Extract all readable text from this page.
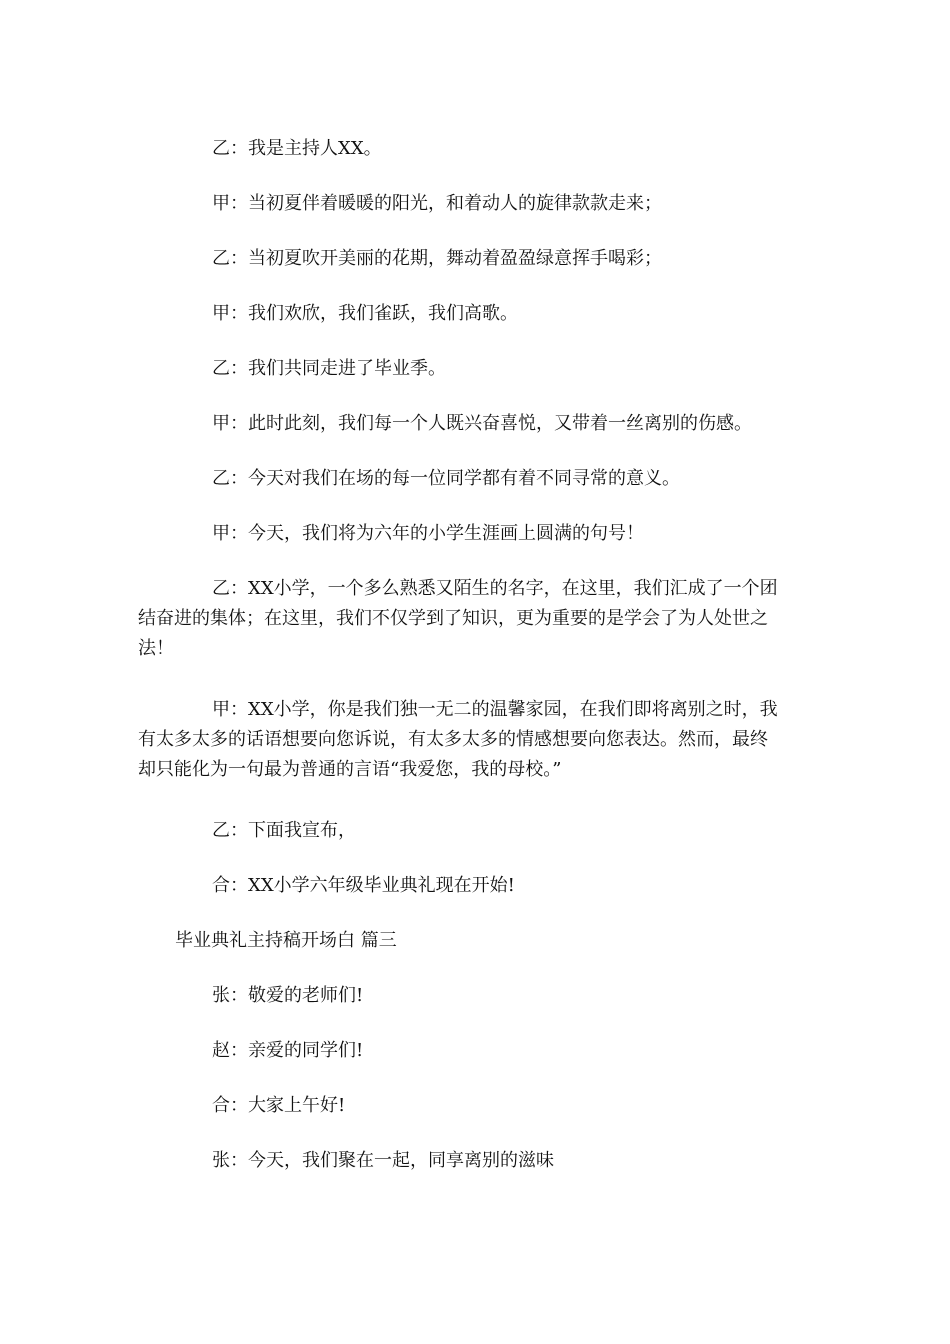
乙：我是主持人XX。

甲：当初夏伴着暖暖的阳光，和着动人的旋律款款走来；

乙：当初夏吹开美丽的花期，舞动着盈盈绿意挥手喝彩；

甲：我们欢欣，我们雀跃，我们高歌。

乙：我们共同走进了毕业季。

甲：此时此刻，我们每一个人既兴奋喜悦，又带着一丝离别的伤感。

乙：今天对我们在场的每一位同学都有着不同寻常的意义。

甲：今天，我们将为六年的小学生涯画上圆满的句号！

乙：XX小学，一个多么熟悉又陌生的名字，在这里，我们汇成了一个团
结奋进的集体；在这里，我们不仅学到了知识，更为重要的是学会了为人处世之
法！
甲：XX小学，你是我们独一无二的温馨家园，在我们即将离别之时，我
有太多太多的话语想要向您诉说，有太多太多的情感想要向您表达。然而，最终
却只能化为一句最为普通的言语“我爱您，我的母校。”

乙：下面我宣布，

合：XX小学六年级毕业典礼现在开始!

毕业典礼主持稿开场白 篇三

张：敬爱的老师们!

赵：亲爱的同学们!

合：大家上午好!

张：今天，我们聚在一起，同享离别的滋味
